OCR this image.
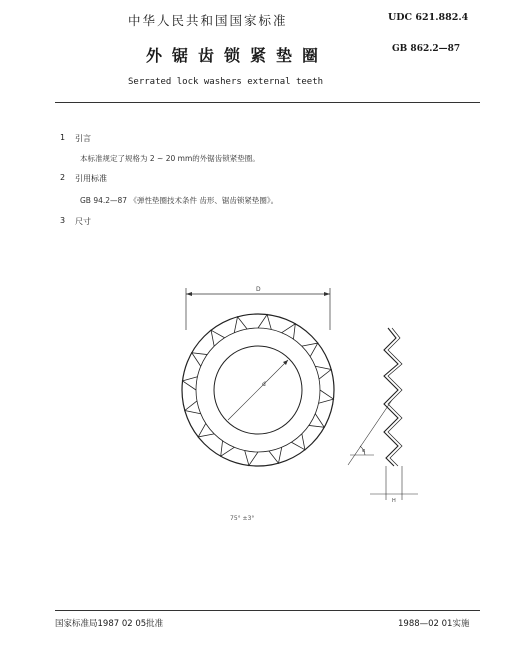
中华人民共和国国家标准	UDC 621.882.4
GB 862.2—87
外锯齿锁紧垫圈
Serrated lock washers external teeth
1 引言
本标准规定了规格为 2 ~ 20 mm的外锯齿锁紧垫圈。
2 引用标准
GB 94.2—87 《弹性垫圈技术条件 齿形、锯齿锁紧垫圈》。
3 尺寸
D
d
H
α
75° ±3°
国家标准局1987 02 05批准	1988—02 01实施
